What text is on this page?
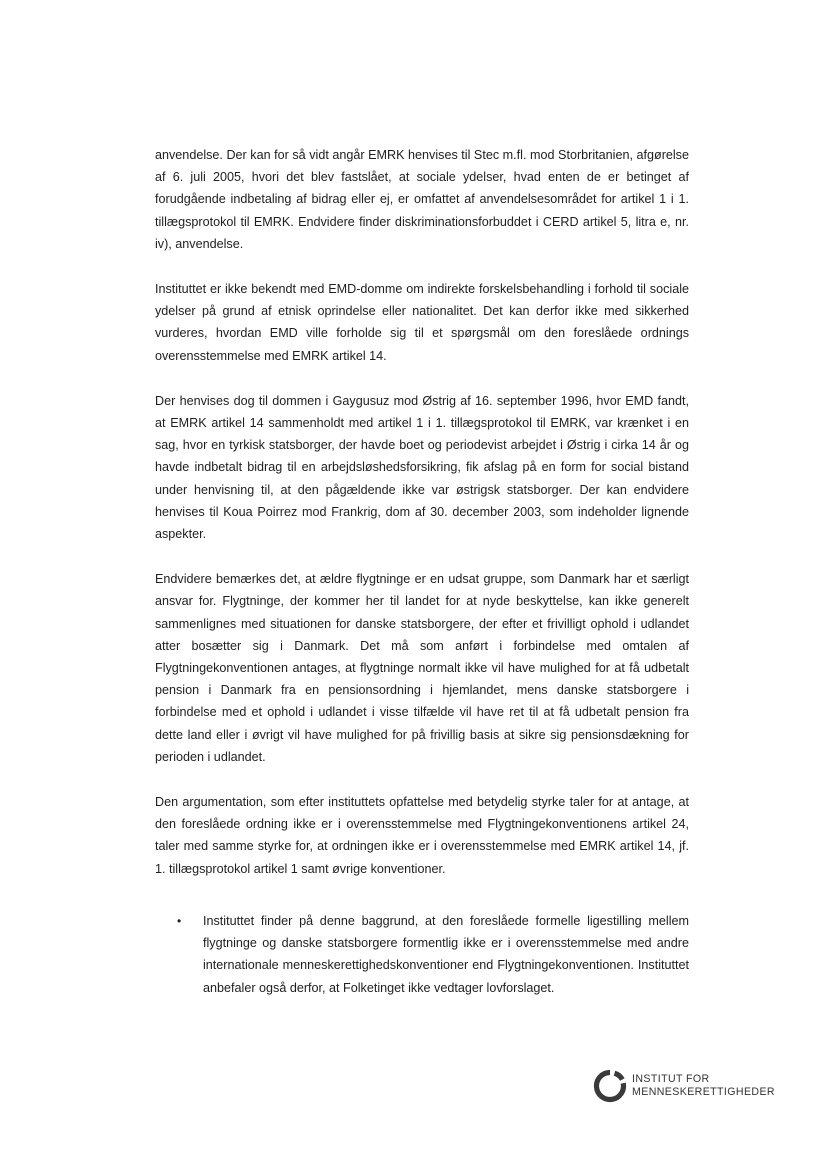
anvendelse. Der kan for så vidt angår EMRK henvises til Stec m.fl. mod Storbritanien, afgørelse af 6. juli 2005, hvori det blev fastslået, at sociale ydelser, hvad enten de er betinget af forudgående indbetaling af bidrag eller ej, er omfattet af anvendelsesområdet for artikel 1 i 1. tillægsprotokol til EMRK. Endvidere finder diskriminationsforbuddet i CERD artikel 5, litra e, nr. iv), anvendelse.

Instituttet er ikke bekendt med EMD-domme om indirekte forskelsbehandling i forhold til sociale ydelser på grund af etnisk oprindelse eller nationalitet. Det kan derfor ikke med sikkerhed vurderes, hvordan EMD ville forholde sig til et spørgsmål om den foreslåede ordnings overensstemmelse med EMRK artikel 14.

Der henvises dog til dommen i Gaygusuz mod Østrig af 16. september 1996, hvor EMD fandt, at EMRK artikel 14 sammenholdt med artikel 1 i 1. tillægsprotokol til EMRK, var krænket i en sag, hvor en tyrkisk statsborger, der havde boet og periodevist arbejdet i Østrig i cirka 14 år og havde indbetalt bidrag til en arbejdsløshedsforsikring, fik afslag på en form for social bistand under henvisning til, at den pågældende ikke var østrigsk statsborger. Der kan endvidere henvises til Koua Poirrez mod Frankrig, dom af 30. december 2003, som indeholder lignende aspekter.

Endvidere bemærkes det, at ældre flygtninge er en udsat gruppe, som Danmark har et særligt ansvar for. Flygtninge, der kommer her til landet for at nyde beskyttelse, kan ikke generelt sammenlignes med situationen for danske statsborgere, der efter et frivilligt ophold i udlandet atter bosætter sig i Danmark. Det må som anført i forbindelse med omtalen af Flygtningekonventionen antages, at flygtninge normalt ikke vil have mulighed for at få udbetalt pension i Danmark fra en pensionsordning i hjemlandet, mens danske statsborgere i forbindelse med et ophold i udlandet i visse tilfælde vil have ret til at få udbetalt pension fra dette land eller i øvrigt vil have mulighed for på frivillig basis at sikre sig pensionsdækning for perioden i udlandet.

Den argumentation, som efter instituttets opfattelse med betydelig styrke taler for at antage, at den foreslåede ordning ikke er i overensstemmelse med Flygtningekonventionens artikel 24, taler med samme styrke for, at ordningen ikke er i overensstemmelse med EMRK artikel 14, jf. 1. tillægsprotokol artikel 1 samt øvrige konventioner.

• Instituttet finder på denne baggrund, at den foreslåede formelle ligestilling mellem flygtninge og danske statsborgere formentlig ikke er i overensstemmelse med andre internationale menneskerettighedskonventioner end Flygtningekonventionen. Instituttet anbefaler også derfor, at Folketinget ikke vedtager lovforslaget.
INSTITUT FOR
MENNESKERETTIGHEDER
